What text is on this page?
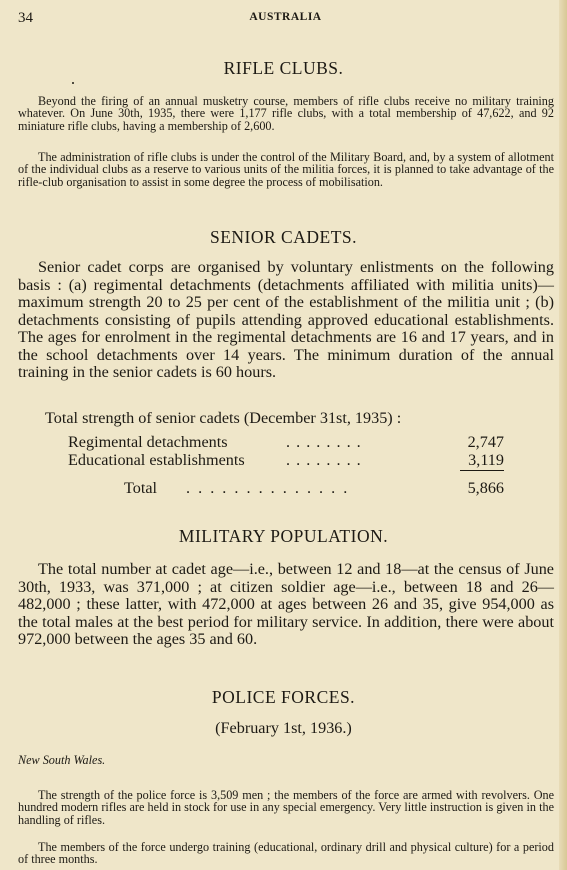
34	AUSTRALIA
RIFLE CLUBS.

Beyond the firing of an annual musketry course, members of rifle clubs receive no military training whatever. On June 30th, 1935, there were 1,177 rifle clubs, with a total membership of 47,622, and 92 miniature rifle clubs, having a membership of 2,600.

The administration of rifle clubs is under the control of the Military Board, and, by a system of allotment of the individual clubs as a reserve to various units of the militia forces, it is planned to take advantage of the rifle-club organisation to assist in some degree the process of mobilisation.

SENIOR CADETS.

Senior cadet corps are organised by voluntary enlistments on the following basis : (a) regimental detachments (detachments affiliated with militia units)—maximum strength 20 to 25 per cent of the establishment of the militia unit ; (b) detachments consisting of pupils attending approved educational establishments. The ages for enrolment in the regimental detachments are 16 and 17 years, and in the school detachments over 14 years. The minimum duration of the annual training in the senior cadets is 60 hours.

Total strength of senior cadets (December 31st, 1935) :
Regimental detachments	. . . . . . . .	2,747
Educational establishments	. . . . . . . .	3,119
Total . . . . . . . . . . . . . .	5,866
MILITARY POPULATION.

The total number at cadet age—i.e., between 12 and 18—at the census of June 30th, 1933, was 371,000 ; at citizen soldier age—i.e., between 18 and 26—482,000 ; these latter, with 472,000 at ages between 26 and 35, give 954,000 as the total males at the best period for military service. In addition, there were about 972,000 between the ages 35 and 60.

POLICE FORCES.
(February 1st, 1936.)
New South Wales.

The strength of the police force is 3,509 men ; the members of the force are armed with revolvers. One hundred modern rifles are held in stock for use in any special emergency. Very little instruction is given in the handling of rifles.

The members of the force undergo training (educational, ordinary drill and physical culture) for a period of three months.
